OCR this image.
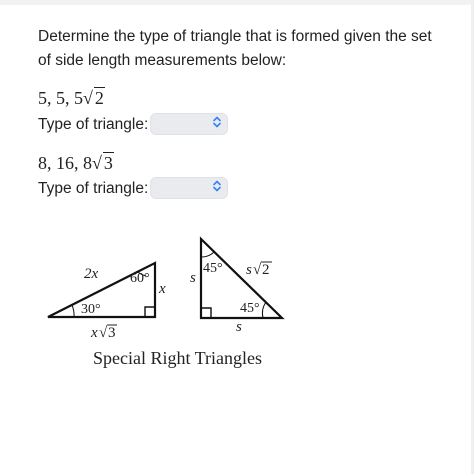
Determine the type of triangle that is formed given the set of side length measurements below:
5, 5, 5√ 2
Type of triangle:
8, 16, 8√ 3
Type of triangle:
2x 60°
x
30°
x √ 3
s
45° s √ 2
45°
s
Special Right Triangles
